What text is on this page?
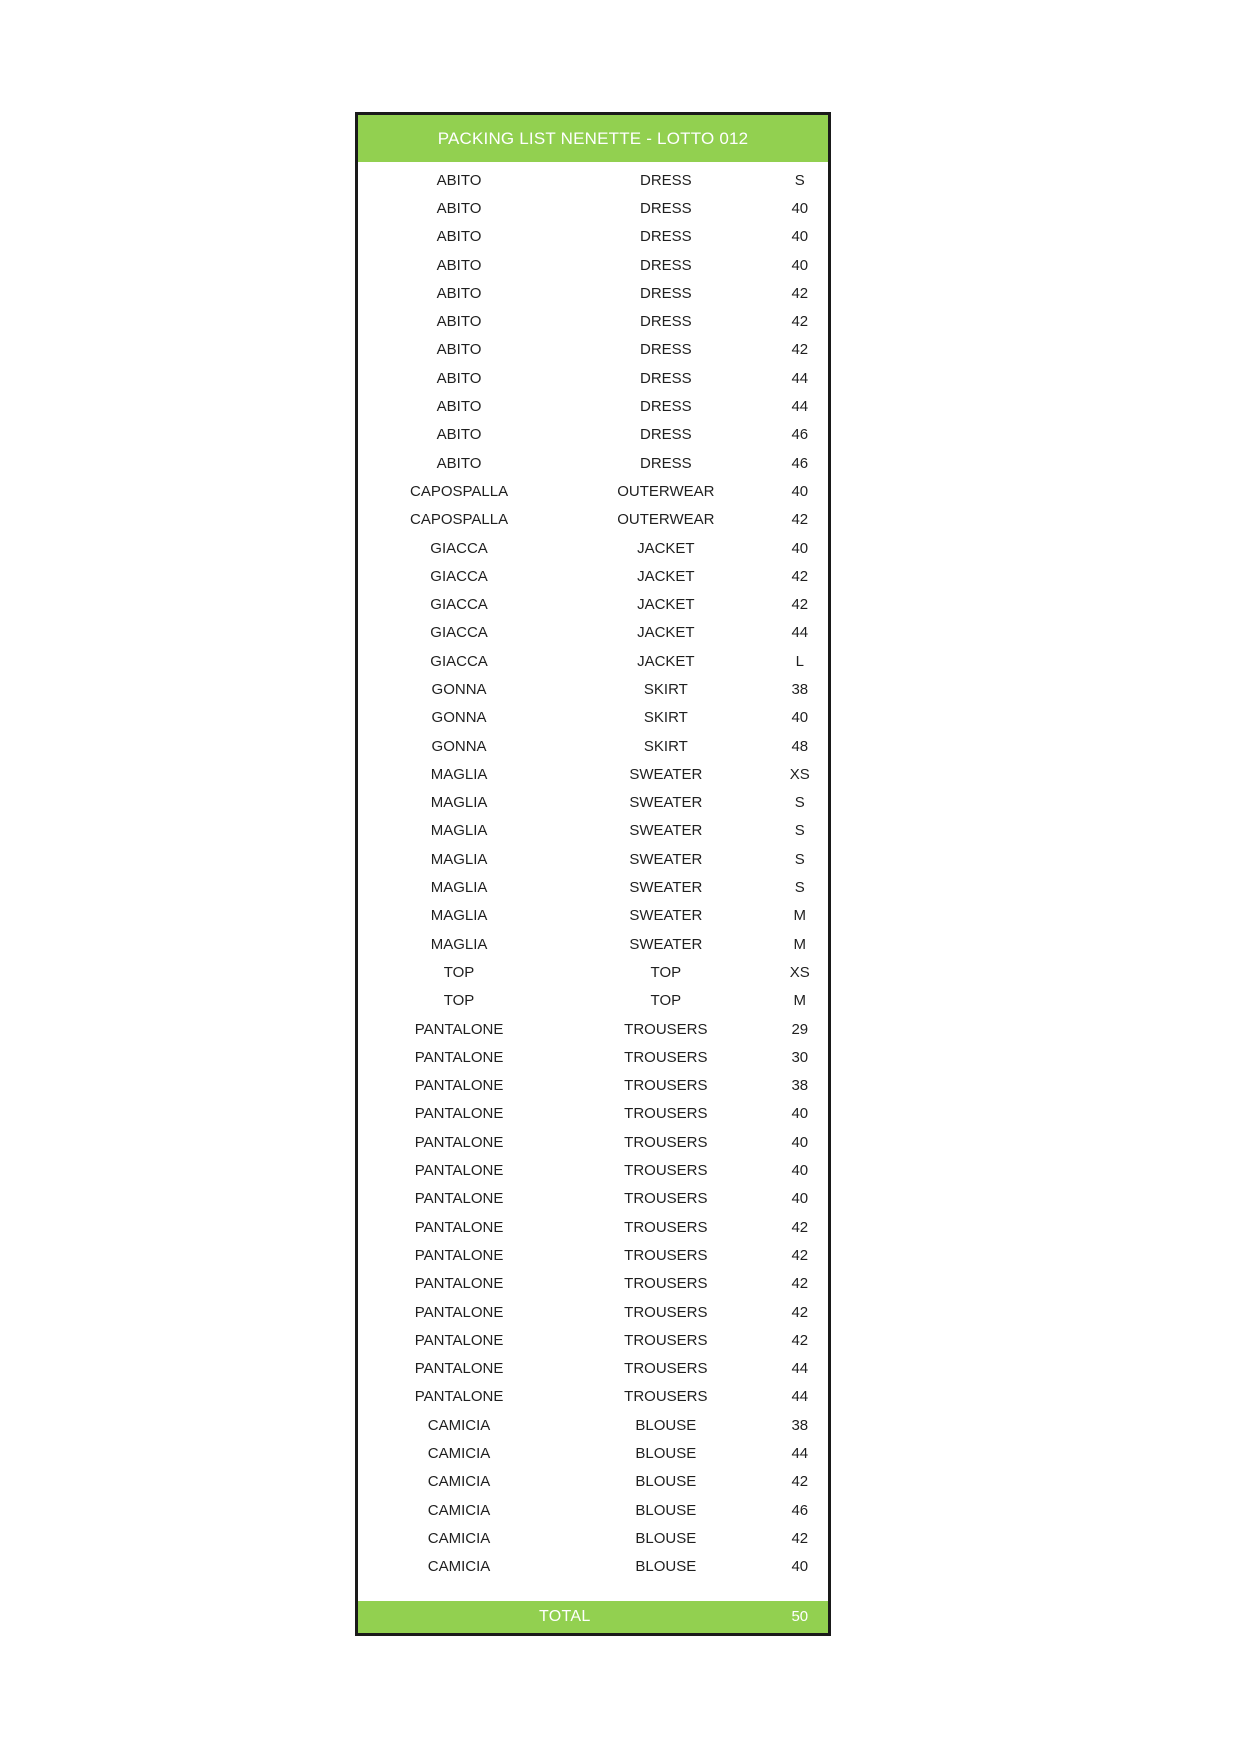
PACKING LIST NENETTE - LOTTO 012
ABITO	DRESS	S
ABITO	DRESS	40
ABITO	DRESS	40
ABITO	DRESS	40
ABITO	DRESS	42
ABITO	DRESS	42
ABITO	DRESS	42
ABITO	DRESS	44
ABITO	DRESS	44
ABITO	DRESS	46
ABITO	DRESS	46
CAPOSPALLA	OUTERWEAR	40
CAPOSPALLA	OUTERWEAR	42
GIACCA	JACKET	40
GIACCA	JACKET	42
GIACCA	JACKET	42
GIACCA	JACKET	44
GIACCA	JACKET	L
GONNA	SKIRT	38
GONNA	SKIRT	40
GONNA	SKIRT	48
MAGLIA	SWEATER	XS
MAGLIA	SWEATER	S
MAGLIA	SWEATER	S
MAGLIA	SWEATER	S
MAGLIA	SWEATER	S
MAGLIA	SWEATER	M
MAGLIA	SWEATER	M
TOP	TOP	XS
TOP	TOP	M
PANTALONE	TROUSERS	29
PANTALONE	TROUSERS	30
PANTALONE	TROUSERS	38
PANTALONE	TROUSERS	40
PANTALONE	TROUSERS	40
PANTALONE	TROUSERS	40
PANTALONE	TROUSERS	40
PANTALONE	TROUSERS	42
PANTALONE	TROUSERS	42
PANTALONE	TROUSERS	42
PANTALONE	TROUSERS	42
PANTALONE	TROUSERS	42
PANTALONE	TROUSERS	44
PANTALONE	TROUSERS	44
CAMICIA	BLOUSE	38
CAMICIA	BLOUSE	44
CAMICIA	BLOUSE	42
CAMICIA	BLOUSE	46
CAMICIA	BLOUSE	42
CAMICIA	BLOUSE	40
TOTAL	50
